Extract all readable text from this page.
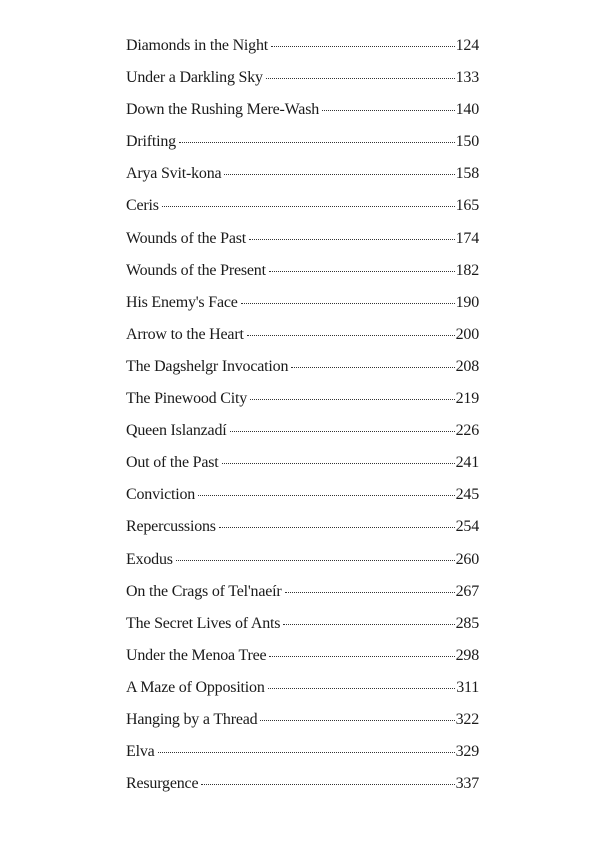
Diamonds in the Night	124
Under a Darkling Sky	133
Down the Rushing Mere-Wash	140
Drifting	150
Arya Svit-kona	158
Ceris	165
Wounds of the Past	174
Wounds of the Present	182
His Enemy's Face	190
Arrow to the Heart	200
The Dagshelgr Invocation	208
The Pinewood City	219
Queen Islanzadí	226
Out of the Past	241
Conviction	245
Repercussions	254
Exodus	260
On the Crags of Tel'naeír	267
The Secret Lives of Ants	285
Under the Menoa Tree	298
A Maze of Opposition	311
Hanging by a Thread	322
Elva	329
Resurgence	337
